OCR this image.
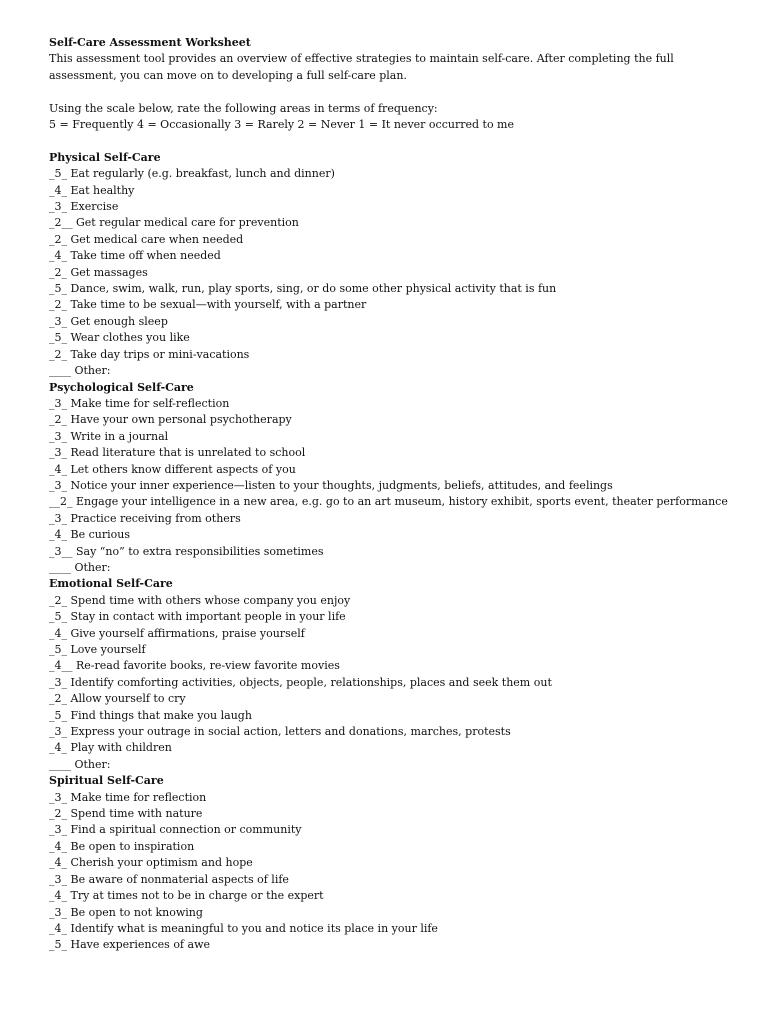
Self-Care Assessment Worksheet
This assessment tool provides an overview of effective strategies to maintain self-care. After completing the full assessment, you can move on to developing a full self-care plan.
Using the scale below, rate the following areas in terms of frequency:
5 = Frequently 4 = Occasionally 3 = Rarely 2 = Never 1 = It never occurred to me
Physical Self-Care
_5_ Eat regularly (e.g. breakfast, lunch and dinner)
_4_ Eat healthy
_3_ Exercise
_2__ Get regular medical care for prevention
_2_ Get medical care when needed
_4_ Take time off when needed
_2_ Get massages
_5_ Dance, swim, walk, run, play sports, sing, or do some other physical activity that is fun
_2_ Take time to be sexual—with yourself, with a partner
_3_ Get enough sleep
_5_ Wear clothes you like
_2_ Take day trips or mini-vacations
____ Other:
Psychological Self-Care
_3_ Make time for self-reflection
_2_ Have your own personal psychotherapy
_3_ Write in a journal
_3_ Read literature that is unrelated to school
_4_ Let others know different aspects of you
_3_ Notice your inner experience—listen to your thoughts, judgments, beliefs, attitudes, and feelings
__2_ Engage your intelligence in a new area, e.g. go to an art museum, history exhibit, sports event, theater performance
_3_ Practice receiving from others
_4_ Be curious
_3__ Say “no” to extra responsibilities sometimes
____ Other:
Emotional Self-Care
_2_ Spend time with others whose company you enjoy
_5_ Stay in contact with important people in your life
_4_ Give yourself affirmations, praise yourself
_5_ Love yourself
_4__ Re-read favorite books, re-view favorite movies
_3_ Identify comforting activities, objects, people, relationships, places and seek them out
_2_ Allow yourself to cry
_5_ Find things that make you laugh
_3_ Express your outrage in social action, letters and donations, marches, protests
_4_ Play with children
____ Other:
Spiritual Self-Care
_3_ Make time for reflection
_2_ Spend time with nature
_3_ Find a spiritual connection or community
_4_ Be open to inspiration
_4_ Cherish your optimism and hope
_3_ Be aware of nonmaterial aspects of life
_4_ Try at times not to be in charge or the expert
_3_ Be open to not knowing
_4_ Identify what is meaningful to you and notice its place in your life
_5_ Have experiences of awe
